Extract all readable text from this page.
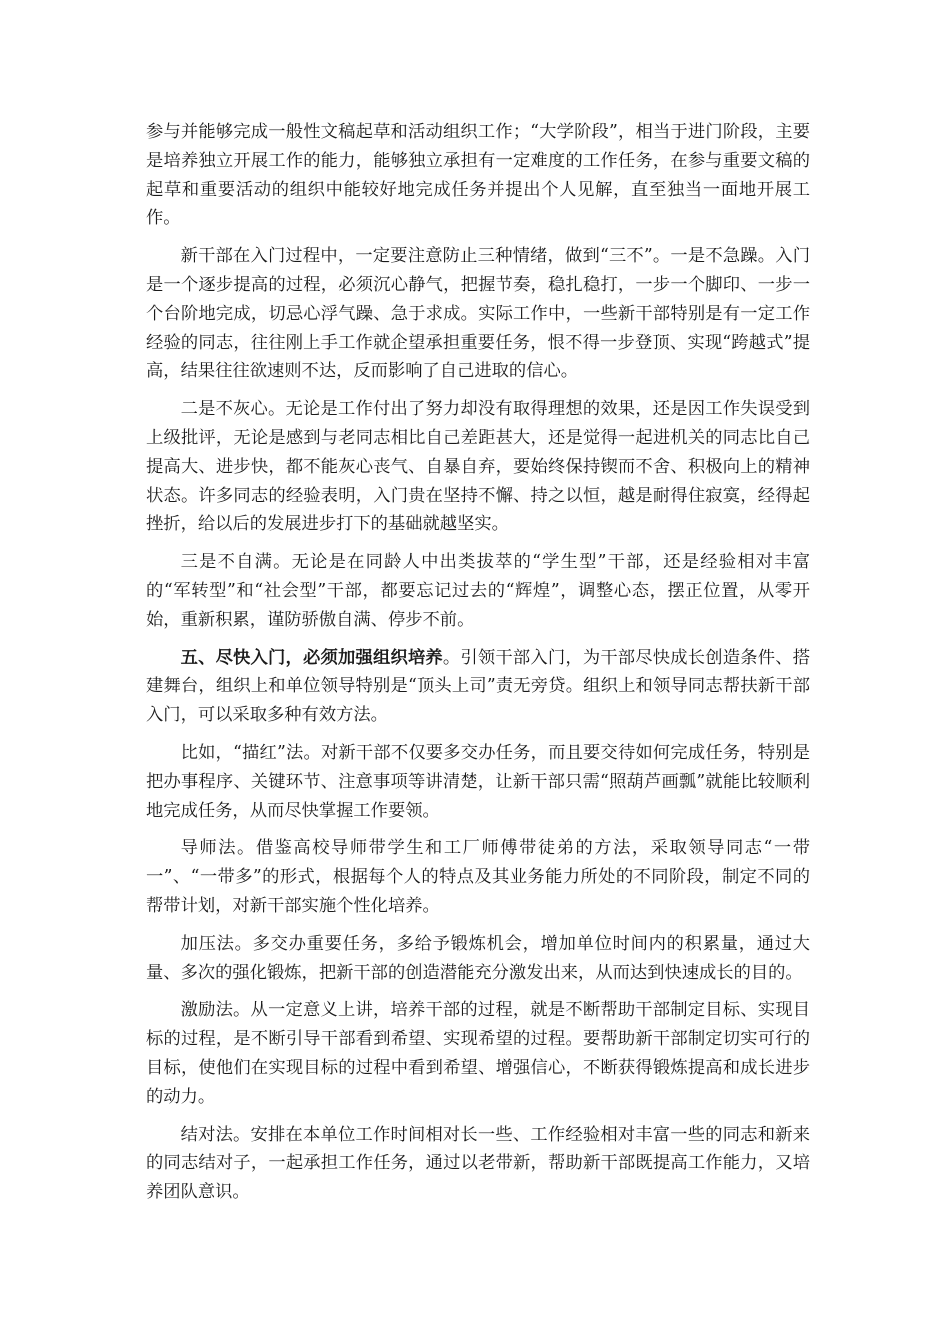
参与并能够完成一般性文稿起草和活动组织工作；“大学阶段”，相当于进门阶段，主要是培养独立开展工作的能力，能够独立承担有一定难度的工作任务，在参与重要文稿的起草和重要活动的组织中能较好地完成任务并提出个人见解，直至独当一面地开展工作。

新干部在入门过程中，一定要注意防止三种情绪，做到“三不”。一是不急躁。入门是一个逐步提高的过程，必须沉心静气，把握节奏，稳扎稳打，一步一个脚印、一步一个台阶地完成，切忌心浮气躁、急于求成。实际工作中，一些新干部特别是有一定工作经验的同志，往往刚上手工作就企望承担重要任务，恨不得一步登顶、实现“跨越式”提高，结果往往欲速则不达，反而影响了自己进取的信心。

二是不灰心。无论是工作付出了努力却没有取得理想的效果，还是因工作失误受到上级批评，无论是感到与老同志相比自己差距甚大，还是觉得一起进机关的同志比自己提高大、进步快，都不能灰心丧气、自暴自弃，要始终保持锲而不舍、积极向上的精神状态。许多同志的经验表明，入门贵在坚持不懈、持之以恒，越是耐得住寂寞，经得起挫折，给以后的发展进步打下的基础就越坚实。

三是不自满。无论是在同龄人中出类拔萃的“学生型”干部，还是经验相对丰富的“军转型”和“社会型”干部，都要忘记过去的“辉煌”，调整心态，摆正位置，从零开始，重新积累，谨防骄傲自满、停步不前。

五、尽快入门，必须加强组织培养。引领干部入门，为干部尽快成长创造条件、搭建舞台，组织上和单位领导特别是“顶头上司”责无旁贷。组织上和领导同志帮扶新干部入门，可以采取多种有效方法。

比如，“描红”法。对新干部不仅要多交办任务，而且要交待如何完成任务，特别是把办事程序、关键环节、注意事项等讲清楚，让新干部只需“照葫芦画瓢”就能比较顺利地完成任务，从而尽快掌握工作要领。

导师法。借鉴高校导师带学生和工厂师傅带徒弟的方法，采取领导同志“一带一”、“一带多”的形式，根据每个人的特点及其业务能力所处的不同阶段，制定不同的帮带计划，对新干部实施个性化培养。

加压法。多交办重要任务，多给予锻炼机会，增加单位时间内的积累量，通过大量、多次的强化锻炼，把新干部的创造潜能充分激发出来，从而达到快速成长的目的。

激励法。从一定意义上讲，培养干部的过程，就是不断帮助干部制定目标、实现目标的过程，是不断引导干部看到希望、实现希望的过程。要帮助新干部制定切实可行的目标，使他们在实现目标的过程中看到希望、增强信心，不断获得锻炼提高和成长进步的动力。

结对法。安排在本单位工作时间相对长一些、工作经验相对丰富一些的同志和新来的同志结对子，一起承担工作任务，通过以老带新，帮助新干部既提高工作能力，又培养团队意识。
